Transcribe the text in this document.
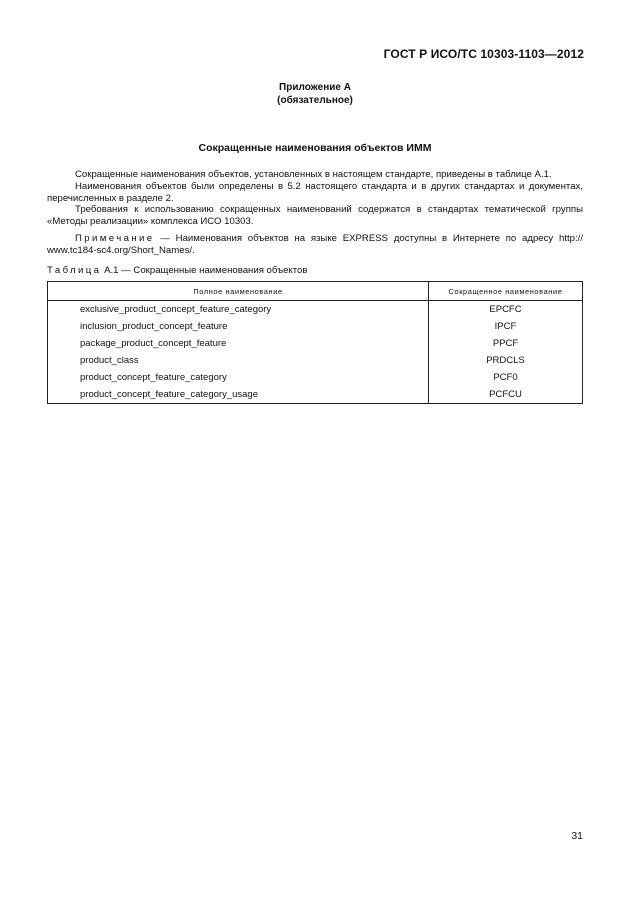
ГОСТ Р ИСО/ТС 10303-1103—2012
Приложение А
(обязательное)
Сокращенные наименования объектов ИММ

Сокращенные наименования объектов, установленных в настоящем стандарте, приведены в таблице А.1.

Наименования объектов были определены в 5.2 настоящего стандарта и в других стандартах и документах, перечисленных в разделе 2.

Требования к использованию сокращенных наименований содержатся в стандартах тематической группы «Методы реализации» комплекса ИСО 10303.

Примечание — Наименования объектов на языке EXPRESS доступны в Интернете по адресу http:// www.tc184-sc4.org/Short_Names/.

Таблица А.1 — Сокращенные наименования объектов
Полное наименование	Сокращенное наименование
exclusive_product_concept_feature_category	EPCFC
inclusion_product_concept_feature	IPCF
package_product_concept_feature	PPCF
product_class	PRDCLS
product_concept_feature_category	PCF0
product_concept_feature_category_usage	PCFCU
31
